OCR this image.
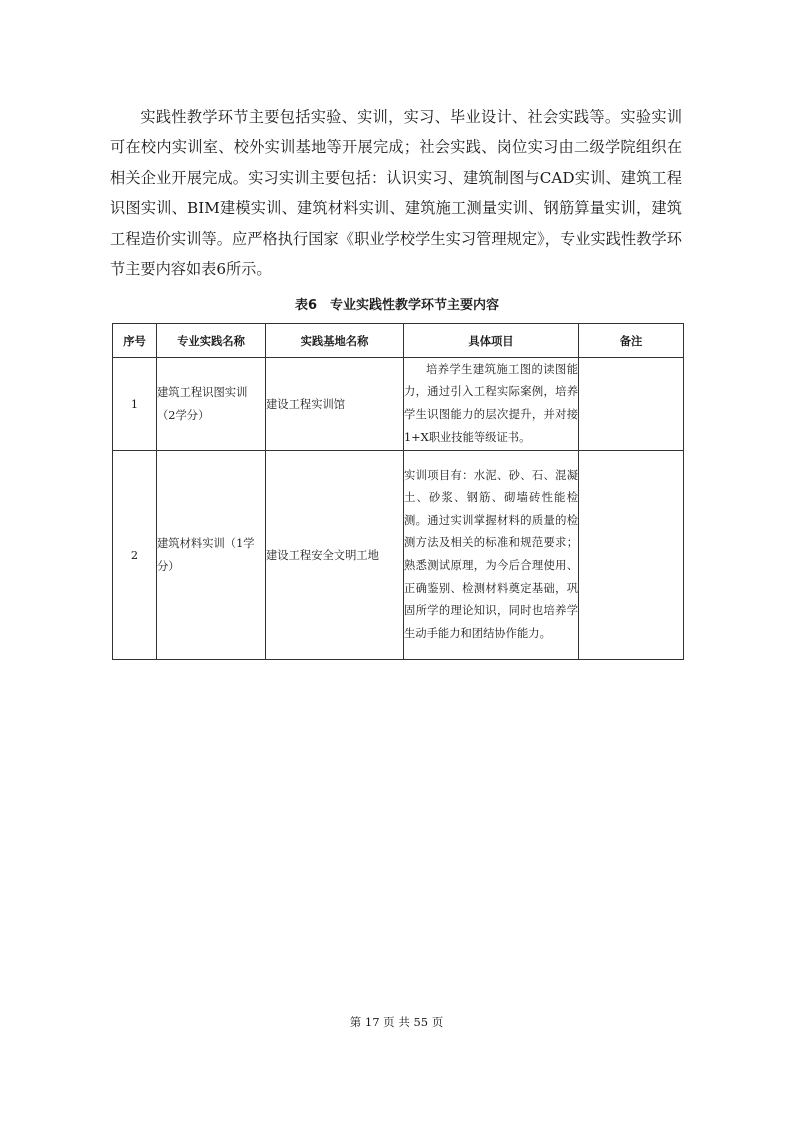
实践性教学环节主要包括实验、实训，实习、毕业设计、社会实践等。实验实训可在校内实训室、校外实训基地等开展完成；社会实践、岗位实习由二级学院组织在相关企业开展完成。实习实训主要包括：认识实习、建筑制图与CAD实训、建筑工程识图实训、BIM建模实训、建筑材料实训、建筑施工测量实训、钢筋算量实训，建筑工程造价实训等。应严格执行国家《职业学校学生实习管理规定》，专业实践性教学环节主要内容如表6所示。

表6　专业实践性教学环节主要内容

序号	专业实践名称	实践基地名称	具体项目	备注
1	建筑工程识图实训（2学分）	建设工程实训馆	培养学生建筑施工图的读图能力，通过引入工程实际案例，培养学生识图能力的层次提升，并对接1+X职业技能等级证书。	
2	建筑材料实训（1学分）	建设工程安全文明工地	实训项目有：水泥、砂、石、混凝土、砂浆、钢筋、砌墙砖性能检测。通过实训掌握材料的质量的检测方法及相关的标准和规范要求；熟悉测试原理，为今后合理使用、正确鉴别、检测材料奠定基础，巩固所学的理论知识，同时也培养学生动手能力和团结协作能力。	

第 17 页 共 55 页
